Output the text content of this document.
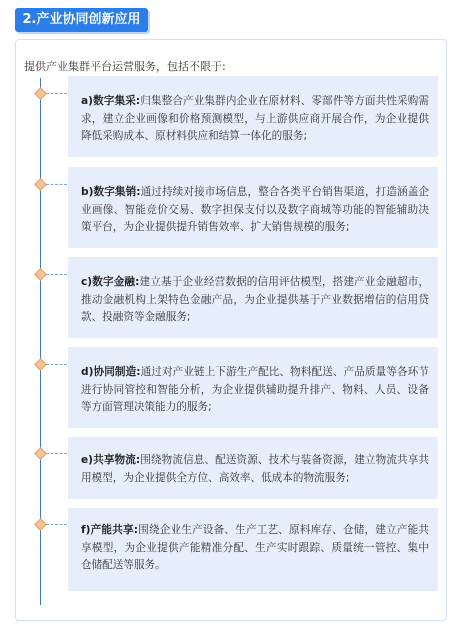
2.产业协同创新应用
提供产业集群平台运营服务，包括不限于:
a)数字集采:归集整合产业集群内企业在原材料、零部件等方面共性采购需求，建立企业画像和价格预测模型，与上游供应商开展合作，为企业提供降低采购成本、原材料供应和结算一体化的服务;
b)数字集销:通过持续对接市场信息，整合各类平台销售渠道，打造涵盖企业画像、智能竞价交易、数字担保支付以及数字商城等功能的智能辅助决策平台，为企业提供提升销售效率、扩大销售规模的服务;
c)数字金融:建立基于企业经营数据的信用评估模型，搭建产业金融超市，推动金融机构上架特色金融产品，为企业提供基于产业数据增信的信用贷款、投融资等金融服务;
d)协同制造:通过对产业链上下游生产配比、物料配送、产品质量等各环节进行协同管控和智能分析，为企业提供辅助提升排产、物料、人员、设备等方面管理决策能力的服务;
e)共享物流:围绕物流信息、配送资源、技术与装备资源，建立物流共享共用模型，为企业提供全方位、高效率、低成本的物流服务;
f)产能共享:围绕企业生产设备、生产工艺、原料库存、仓储，建立产能共享模型，为企业提供产能精准分配、生产实时跟踪、质量统一管控、集中仓储配送等服务。
